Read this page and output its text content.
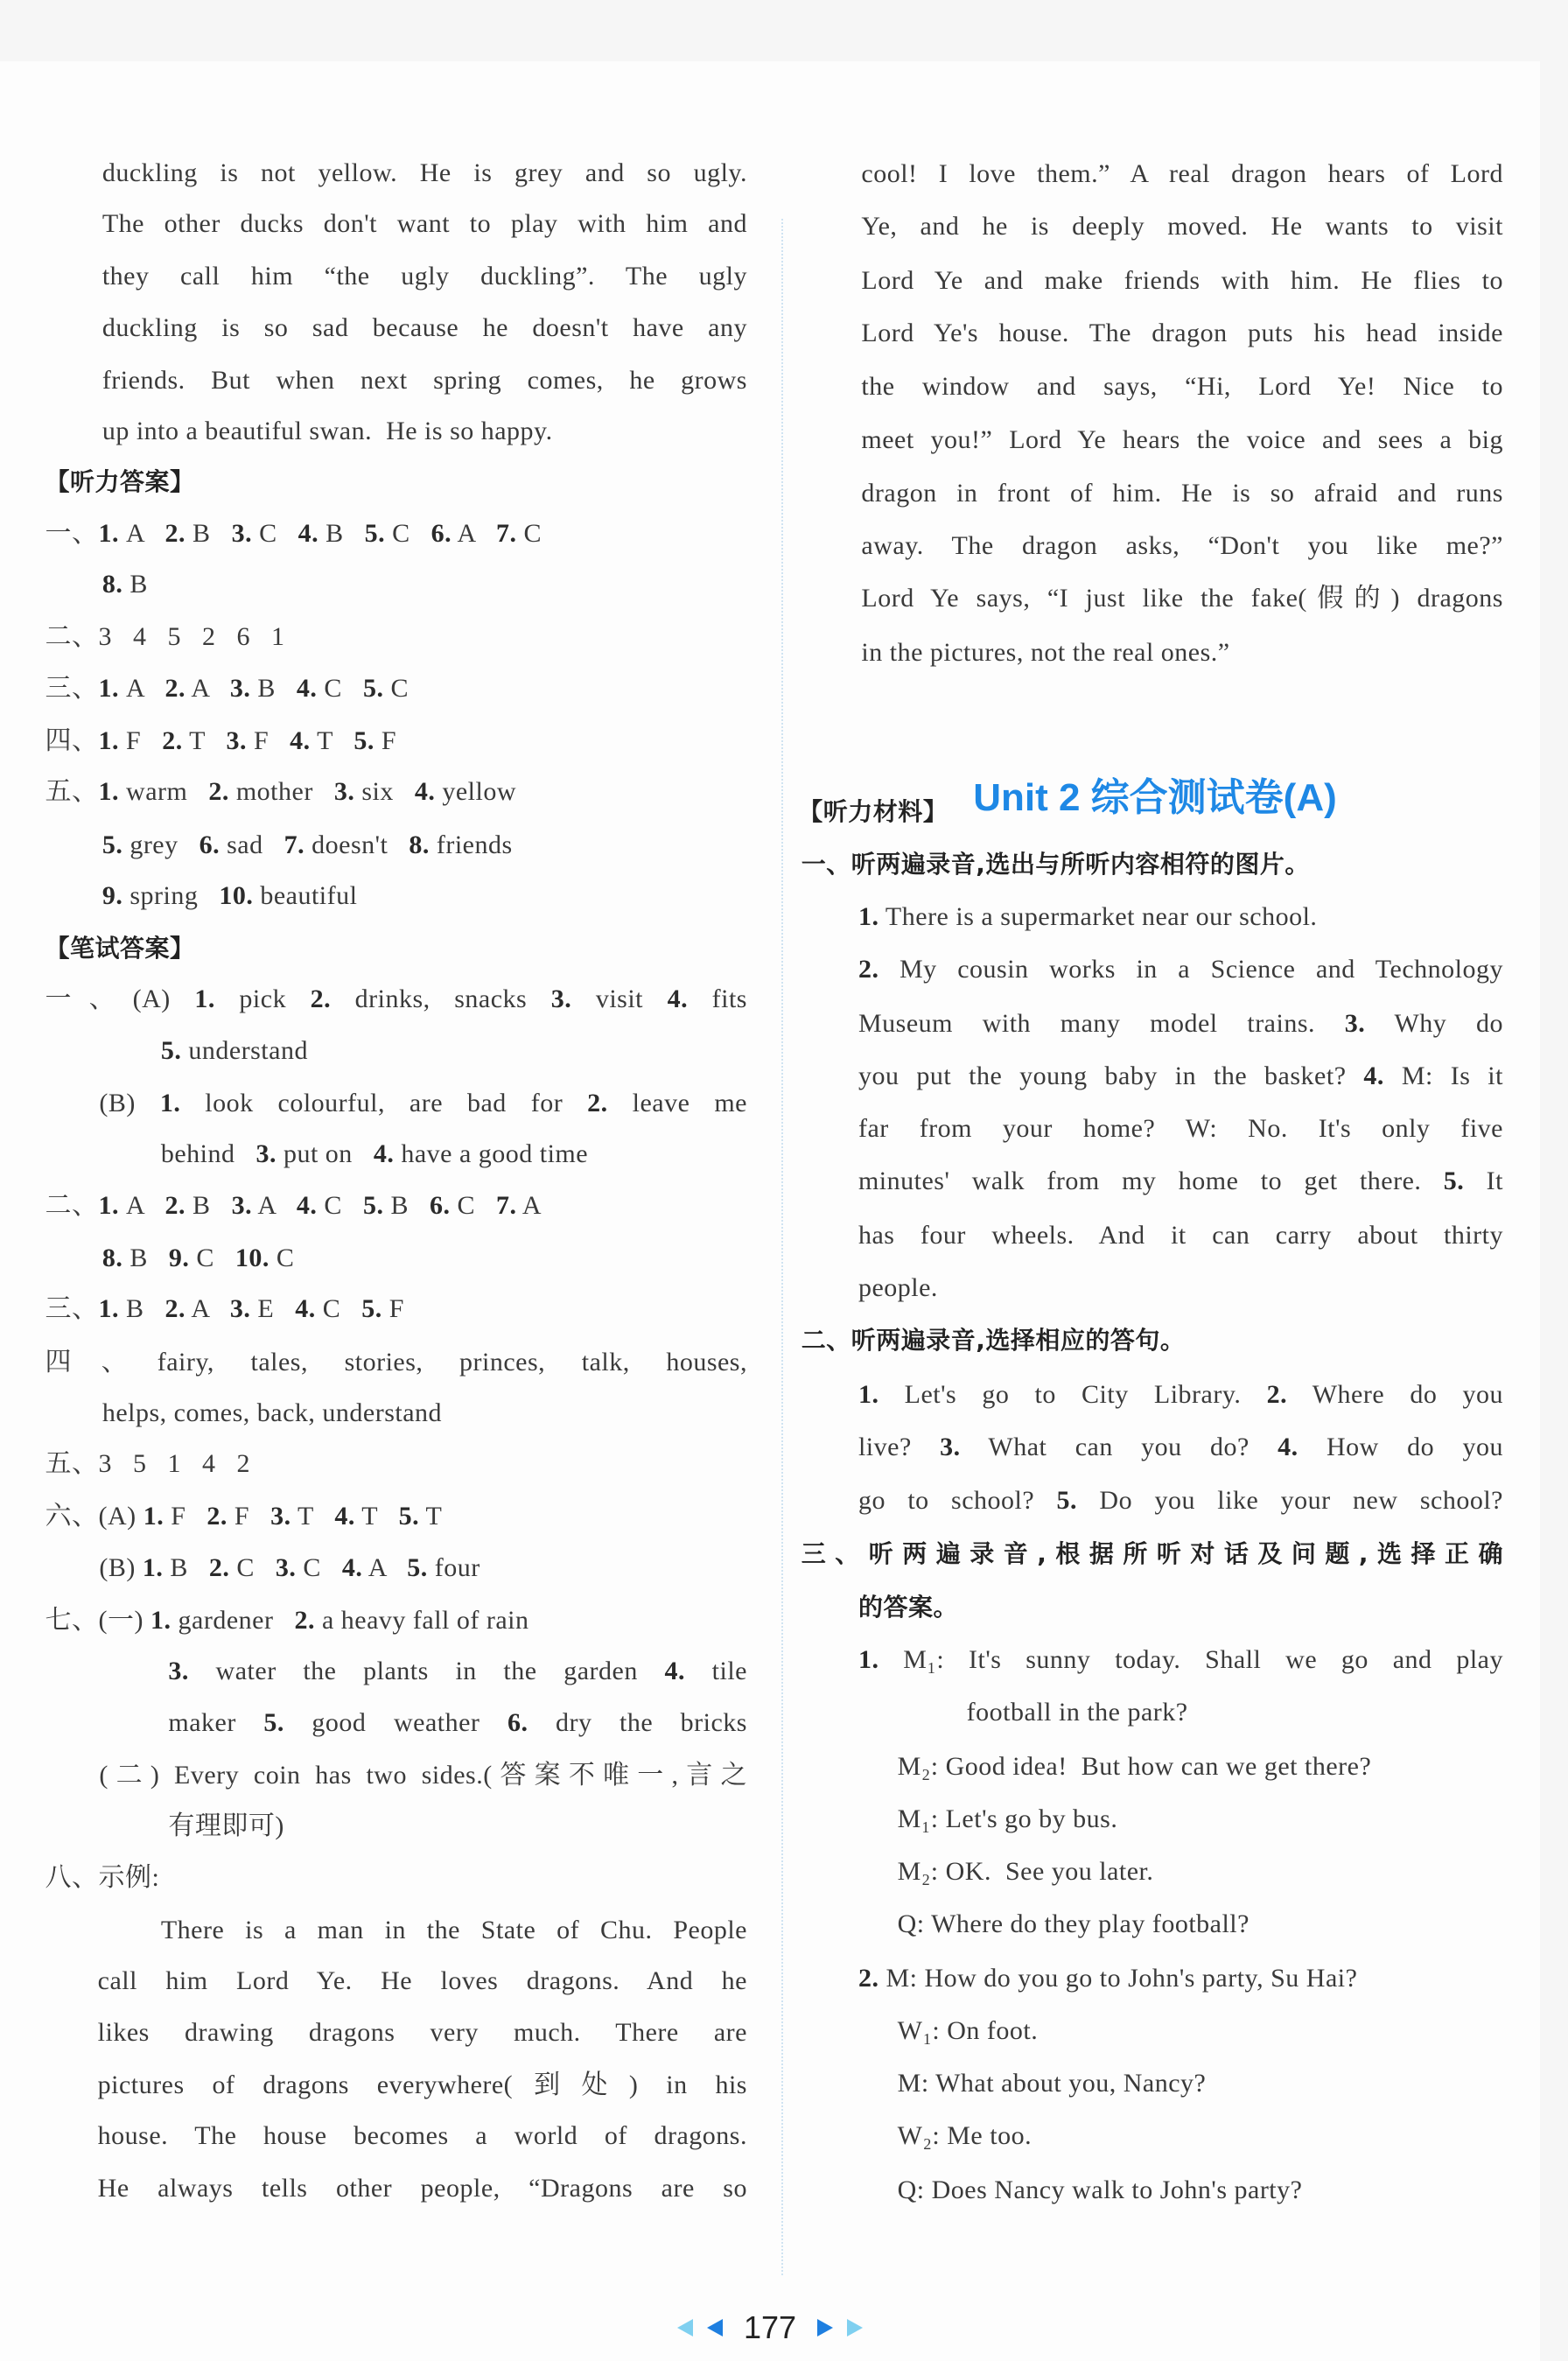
Unit 2 综合测试卷(A)
177
duckling is not yellow. He is grey and so ugly.
The other ducks don't want to play with him and
they call him “the ugly duckling”. The ugly
duckling is so sad because he doesn't have any
friends. But when next spring comes, he grows
up into a beautiful swan.  He is so happy.
【听力答案】
一、1. A   2. B   3. C   4. B   5. C   6. A   7. C
8. B
二、3   4   5   2   6   1
三、1. A   2. A   3. B   4. C   5. C
四、1. F   2. T   3. F   4. T   5. F
五、1. warm   2. mother   3. six   4. yellow
5. grey   6. sad   7. doesn't   8. friends
9. spring   10. beautiful
【笔试答案】
一、(A) 1. pick 2. drinks, snacks 3. visit 4. fits
5. understand
(B) 1. look colourful, are bad for 2. leave me
behind   3. put on   4. have a good time
二、1. A   2. B   3. A   4. C   5. B   6. C   7. A
8. B   9. C   10. C
三、1. B   2. A   3. E   4. C   5. F
四、fairy, tales, stories, princes, talk, houses,
helps, comes, back, understand
五、3   5   1   4   2
六、(A) 1. F   2. F   3. T   4. T   5. T
(B) 1. B   2. C   3. C   4. A   5. four
七、(一) 1. gardener   2. a heavy fall of rain
3. water the plants in the garden 4. tile
maker 5. good weather 6. dry the bricks
(二) Every coin has two sides.(答案不唯一,言之
有理即可)
八、示例:
There is a man in the State of Chu. People
call him Lord Ye. He loves dragons. And he
likes drawing dragons very much. There are
pictures of dragons everywhere(到处) in his
house. The house becomes a world of dragons.
He always tells other people, “Dragons are so
cool! I love them.” A real dragon hears of Lord
Ye, and he is deeply moved. He wants to visit
Lord Ye and make friends with him. He flies to
Lord Ye's house. The dragon puts his head inside
the window and says, “Hi, Lord Ye! Nice to
meet you!” Lord Ye hears the voice and sees a big
dragon in front of him. He is so afraid and runs
away. The dragon asks, “Don't you like me?”
Lord Ye says, “I just like the fake(假的) dragons
in the pictures, not the real ones.”
【听力材料】
一、听两遍录音,选出与所听内容相符的图片。
1. There is a supermarket near our school.
2. My cousin works in a Science and Technology
Museum with many model trains. 3. Why do
you put the young baby in the basket? 4. M: Is it
far from your home? W: No. It's only five
minutes' walk from my home to get there. 5. It
has four wheels. And it can carry about thirty
people.
二、听两遍录音,选择相应的答句。
1. Let's go to City Library. 2. Where do you
live? 3. What can you do? 4. How do you
go to school? 5. Do you like your new school?
三、听两遍录音,根据所听对话及问题,选择正确
的答案。
1. M₁: It's sunny today. Shall we go and play
football in the park?
M₂: Good idea!  But how can we get there?
M₁: Let's go by bus.
M₂: OK.  See you later.
Q: Where do they play football?
2. M: How do you go to John's party, Su Hai?
W₁: On foot.
M: What about you, Nancy?
W₂: Me too.
Q: Does Nancy walk to John's party?
